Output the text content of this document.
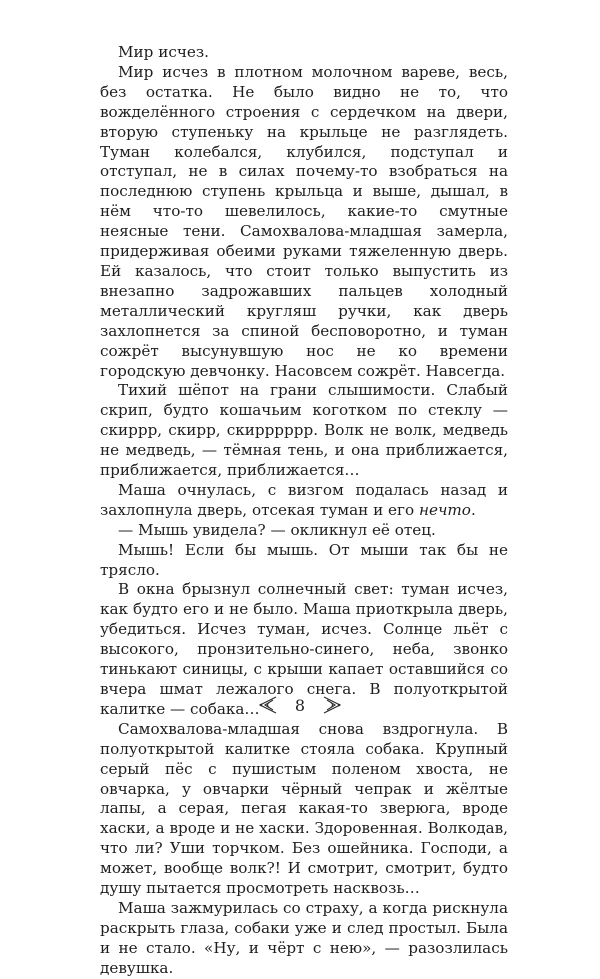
Мир исчез.

Мир исчез в плотном молочном вареве, весь, без остатка. Не было видно не то, что вожделённого строения с сердечком на двери, вторую ступеньку на крыльце не разглядеть. Туман колебался, клубился, подступал и отступал, не в силах почему-то взобраться на последнюю ступень крыльца и выше, дышал, в нём что-то шевелилось, какие-то смутные неясные тени. Самохвалова-младшая замерла, придерживая обеими руками тяжеленную дверь. Ей казалось, что стоит только выпустить из внезапно задрожавших пальцев холодный металлический кругляш ручки, как дверь захлопнется за спиной бесповоротно, и туман сожрёт высунувшую нос не ко времени городскую девчонку. Насовсем сожрёт. Навсегда.

Тихий шёпот на грани слышимости. Слабый скрип, будто кошачьим коготком по стеклу — скиррр, скирр, скирррррр. Волк не волк, медведь не медведь, — тёмная тень, и она приближается, приближается, приближается…

Маша очнулась, с визгом подалась назад и захлопнула дверь, отсекая туман и его нечто.

— Мышь увидела? — окликнул её отец.

Мышь! Если бы мышь. От мыши так бы не трясло.

В окна брызнул солнечный свет: туман исчез, как будто его и не было. Маша приоткрыла дверь, убедиться. Исчез туман, исчез. Солнце льёт с высокого, пронзительно-синего, неба, звонко тинькают синицы, с крыши капает оставшийся со вчера шмат лежалого снега. В полуоткрытой калитке — собака…

Самохвалова-младшая снова вздрогнула. В полуоткрытой калитке стояла собака. Крупный серый пёс с пушистым поленом хвоста, не овчарка, у овчарки чёрный чепрак и жёлтые лапы, а серая, пегая какая-то зверюга, вроде хаски, а вроде и не хаски. Здоровенная. Волкодав, что ли? Уши торчком. Без ошейника. Господи, а может, вообще волк?! И смотрит, смотрит, будто душу пытается просмотреть насквозь…

Маша зажмурилась со страху, а когда рискнула раскрыть глаза, собаки уже и след простыл. Была и не стало. «Ну, и чёрт с нею», — разозлилась девушка.

8
